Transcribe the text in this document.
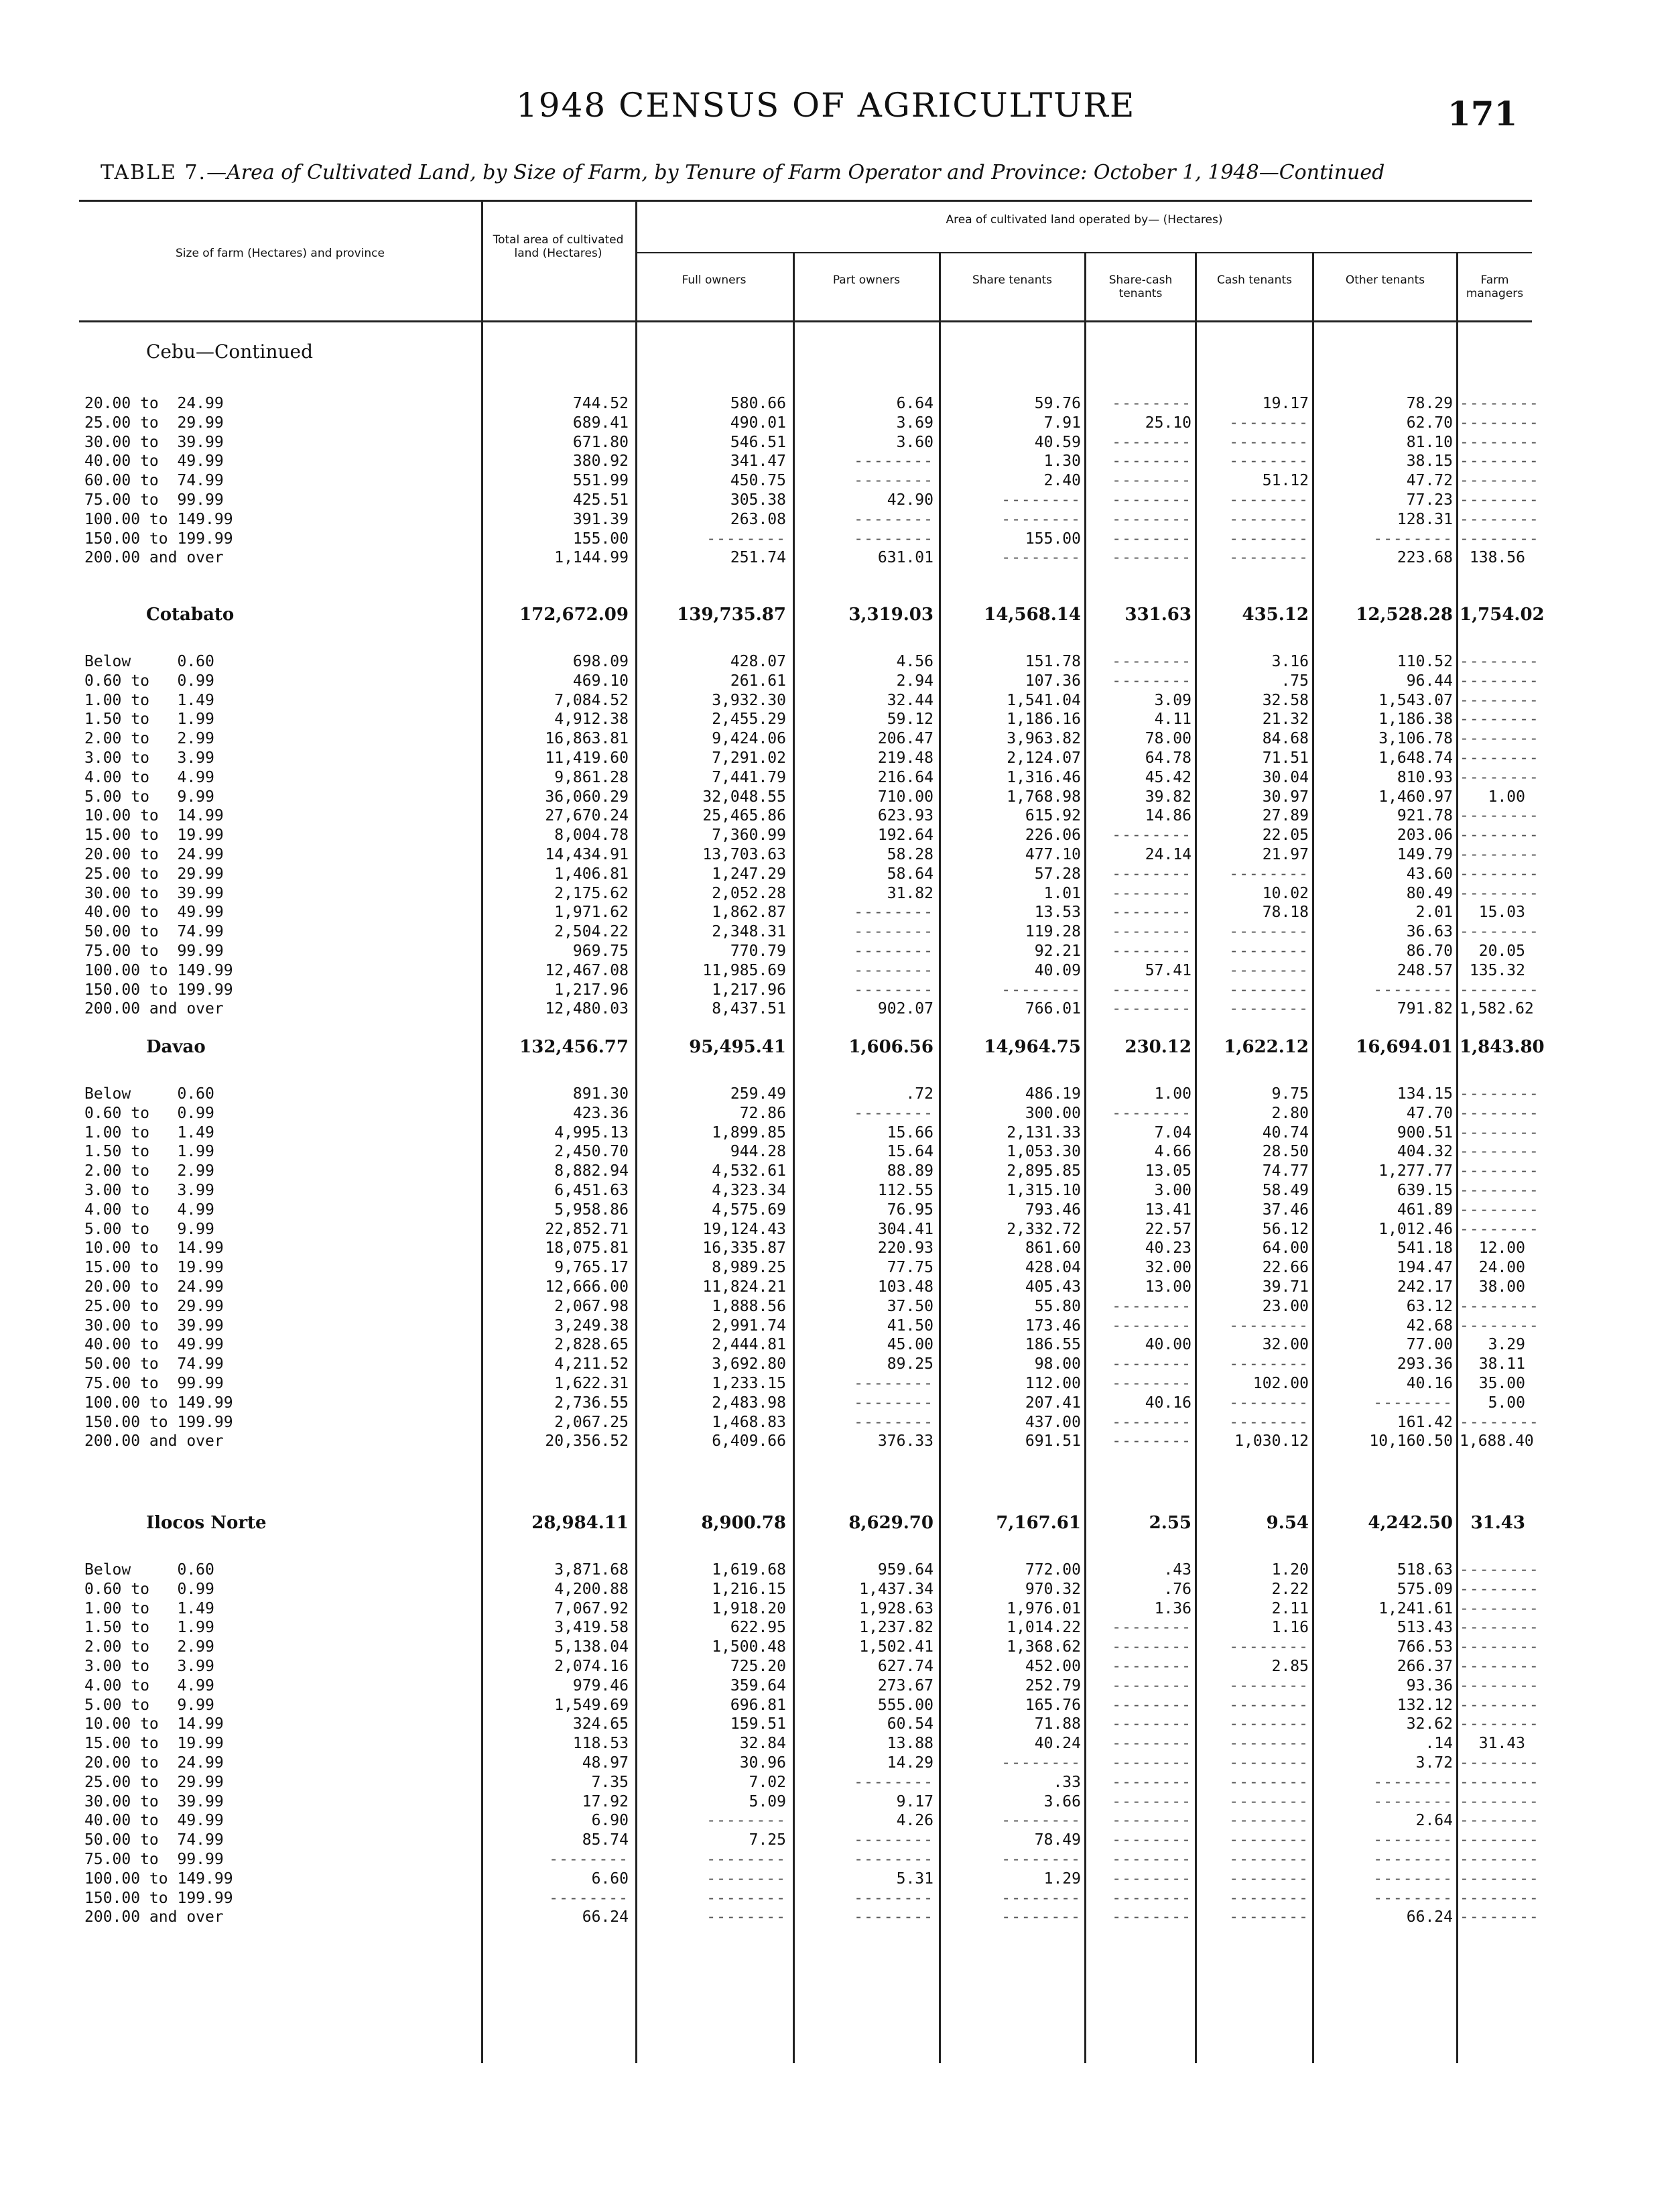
1948 CENSUS OF AGRICULTURE	171
TABLE 7.—Area of Cultivated Land, by Size of Farm, by Tenure of Farm Operator and Province: October 1, 1948—Continued
Size of farm (Hectares) and province
Total area of cultivated land (Hectares)
Area of cultivated land operated by— (Hectares)
Full owners	Part owners	Share tenants	Share-cash tenants
Cash tenants	Other tenants	Farm managers
Cebu—Continued
20.00 to  24.99 .....	744.52	580.66	6.64	59.76	--------	19.17	78.29 --------
25.00 to  29.99 .....	689.41	490.01	3.69	7.91	25.10	--------	62.70 --------
30.00 to  39.99 .....	671.80	546.51	3.60	40.59	--------	--------	81.10 --------
40.00 to  49.99 .....	380.92	341.47	--------	1.30	--------	--------	38.15 --------
60.00 to  74.99 .....	551.99	450.75	--------	2.40	--------	51.12	47.72 --------
75.00 to  99.99 .....	425.51	305.38	42.90	--------	--------	--------	77.23 --------
100.00 to 149.99 .....	391.39	263.08	--------	--------	--------	--------	128.31 --------
150.00 to 199.99 .....	155.00	--------	--------	155.00	--------	--------	-------- --------
200.00 and over .....	1,144.99	251.74	631.01	--------	--------	--------	223.68	138.56
Cotabato .....	172,672.09	139,735.87	3,319.03	14,568.14	331.63	435.12	12,528.28 1,754.02
Below     0.60 .....	698.09	428.07	4.56	151.78	--------	3.16	110.52 --------
0.60 to   0.99 .....	469.10	261.61	2.94	107.36	--------	.75	96.44 --------
1.00 to   1.49 .....	7,084.52	3,932.30	32.44	1,541.04	3.09	32.58	1,543.07 --------
1.50 to   1.99 .....	4,912.38	2,455.29	59.12	1,186.16	4.11	21.32	1,186.38 --------
2.00 to   2.99 .....	16,863.81	9,424.06	206.47	3,963.82	78.00	84.68	3,106.78 --------
3.00 to   3.99 .....	11,419.60	7,291.02	219.48	2,124.07	64.78	71.51	1,648.74 --------
4.00 to   4.99 .....	9,861.28	7,441.79	216.64	1,316.46	45.42	30.04	810.93 --------
5.00 to   9.99 .....	36,060.29	32,048.55	710.00	1,768.98	39.82	30.97	1,460.97	1.00
10.00 to  14.99 .....	27,670.24	25,465.86	623.93	615.92	14.86	27.89	921.78 --------
15.00 to  19.99 .....	8,004.78	7,360.99	192.64	226.06	--------	22.05	203.06 --------
20.00 to  24.99 .....	14,434.91	13,703.63	58.28	477.10	24.14	21.97	149.79 --------
25.00 to  29.99 .....	1,406.81	1,247.29	58.64	57.28	--------	--------	43.60 --------
30.00 to  39.99 .....	2,175.62	2,052.28	31.82	1.01	--------	10.02	80.49 --------
40.00 to  49.99 .....	1,971.62	1,862.87	--------	13.53	--------	78.18	2.01	15.03
50.00 to  74.99 .....	2,504.22	2,348.31	--------	119.28	--------	--------	36.63 --------
75.00 to  99.99 .....	969.75	770.79	--------	92.21	--------	--------	86.70	20.05
100.00 to 149.99 .....	12,467.08	11,985.69	--------	40.09	57.41	--------	248.57	135.32
150.00 to 199.99 .....	1,217.96	1,217.96	--------	--------	--------	--------	-------- --------
200.00 and over .....	12,480.03	8,437.51	902.07	766.01	--------	--------	791.82 1,582.62
Davao .....	132,456.77	95,495.41	1,606.56	14,964.75	230.12	1,622.12	16,694.01 1,843.80
Below     0.60 .....	891.30	259.49	.72	486.19	1.00	9.75	134.15 --------
0.60 to   0.99 .....	423.36	72.86	--------	300.00	--------	2.80	47.70 --------
1.00 to   1.49 .....	4,995.13	1,899.85	15.66	2,131.33	7.04	40.74	900.51 --------
1.50 to   1.99 .....	2,450.70	944.28	15.64	1,053.30	4.66	28.50	404.32 --------
2.00 to   2.99 .....	8,882.94	4,532.61	88.89	2,895.85	13.05	74.77	1,277.77 --------
3.00 to   3.99 .....	6,451.63	4,323.34	112.55	1,315.10	3.00	58.49	639.15 --------
4.00 to   4.99 .....	5,958.86	4,575.69	76.95	793.46	13.41	37.46	461.89 --------
5.00 to   9.99 .....	22,852.71	19,124.43	304.41	2,332.72	22.57	56.12	1,012.46 --------
10.00 to  14.99 .....	18,075.81	16,335.87	220.93	861.60	40.23	64.00	541.18	12.00
15.00 to  19.99 .....	9,765.17	8,989.25	77.75	428.04	32.00	22.66	194.47	24.00
20.00 to  24.99 .....	12,666.00	11,824.21	103.48	405.43	13.00	39.71	242.17	38.00
25.00 to  29.99 .....	2,067.98	1,888.56	37.50	55.80	--------	23.00	63.12 --------
30.00 to  39.99 .....	3,249.38	2,991.74	41.50	173.46	--------	--------	42.68 --------
40.00 to  49.99 .....	2,828.65	2,444.81	45.00	186.55	40.00	32.00	77.00	3.29
50.00 to  74.99 .....	4,211.52	3,692.80	89.25	98.00	--------	--------	293.36	38.11
75.00 to  99.99 .....	1,622.31	1,233.15	--------	112.00	--------	102.00	40.16	35.00
100.00 to 149.99 .....	2,736.55	2,483.98	--------	207.41	40.16	--------	--------	5.00
150.00 to 199.99 .....	2,067.25	1,468.83	--------	437.00	--------	--------	161.42 --------
200.00 and over .....	20,356.52	6,409.66	376.33	691.51	--------	1,030.12	10,160.50 1,688.40
Ilocos Norte .....	28,984.11	8,900.78	8,629.70	7,167.61	2.55	9.54	4,242.50	31.43
Below     0.60 .....	3,871.68	1,619.68	959.64	772.00	.43	1.20	518.63 --------
0.60 to   0.99 .....	4,200.88	1,216.15	1,437.34	970.32	.76	2.22	575.09 --------
1.00 to   1.49 .....	7,067.92	1,918.20	1,928.63	1,976.01	1.36	2.11	1,241.61 --------
1.50 to   1.99 .....	3,419.58	622.95	1,237.82	1,014.22	--------	1.16	513.43 --------
2.00 to   2.99 .....	5,138.04	1,500.48	1,502.41	1,368.62	--------	--------	766.53 --------
3.00 to   3.99 .....	2,074.16	725.20	627.74	452.00	--------	2.85	266.37 --------
4.00 to   4.99 .....	979.46	359.64	273.67	252.79	--------	--------	93.36 --------
5.00 to   9.99 .....	1,549.69	696.81	555.00	165.76	--------	--------	132.12 --------
10.00 to  14.99 .....	324.65	159.51	60.54	71.88	--------	--------	32.62 --------
15.00 to  19.99 .....	118.53	32.84	13.88	40.24	--------	--------	.14	31.43
20.00 to  24.99 .....	48.97	30.96	14.29	--------	--------	--------	3.72 --------
25.00 to  29.99 .....	7.35	7.02	--------	.33	--------	--------	-------- --------
30.00 to  39.99 .....	17.92	5.09	9.17	3.66	--------	--------	-------- --------
40.00 to  49.99 .....	6.90	--------	4.26	--------	--------	--------	2.64 --------
50.00 to  74.99 .....	85.74	7.25	--------	78.49	--------	--------	-------- --------
75.00 to  99.99 .....	--------	--------	--------	--------	--------	--------	-------- --------
100.00 to 149.99 .....	6.60	--------	5.31	1.29	--------	--------	-------- --------
150.00 to 199.99 .....	--------	--------	--------	--------	--------	--------	-------- --------
200.00 and over .....	66.24	--------	--------	--------	--------	--------	66.24 --------
